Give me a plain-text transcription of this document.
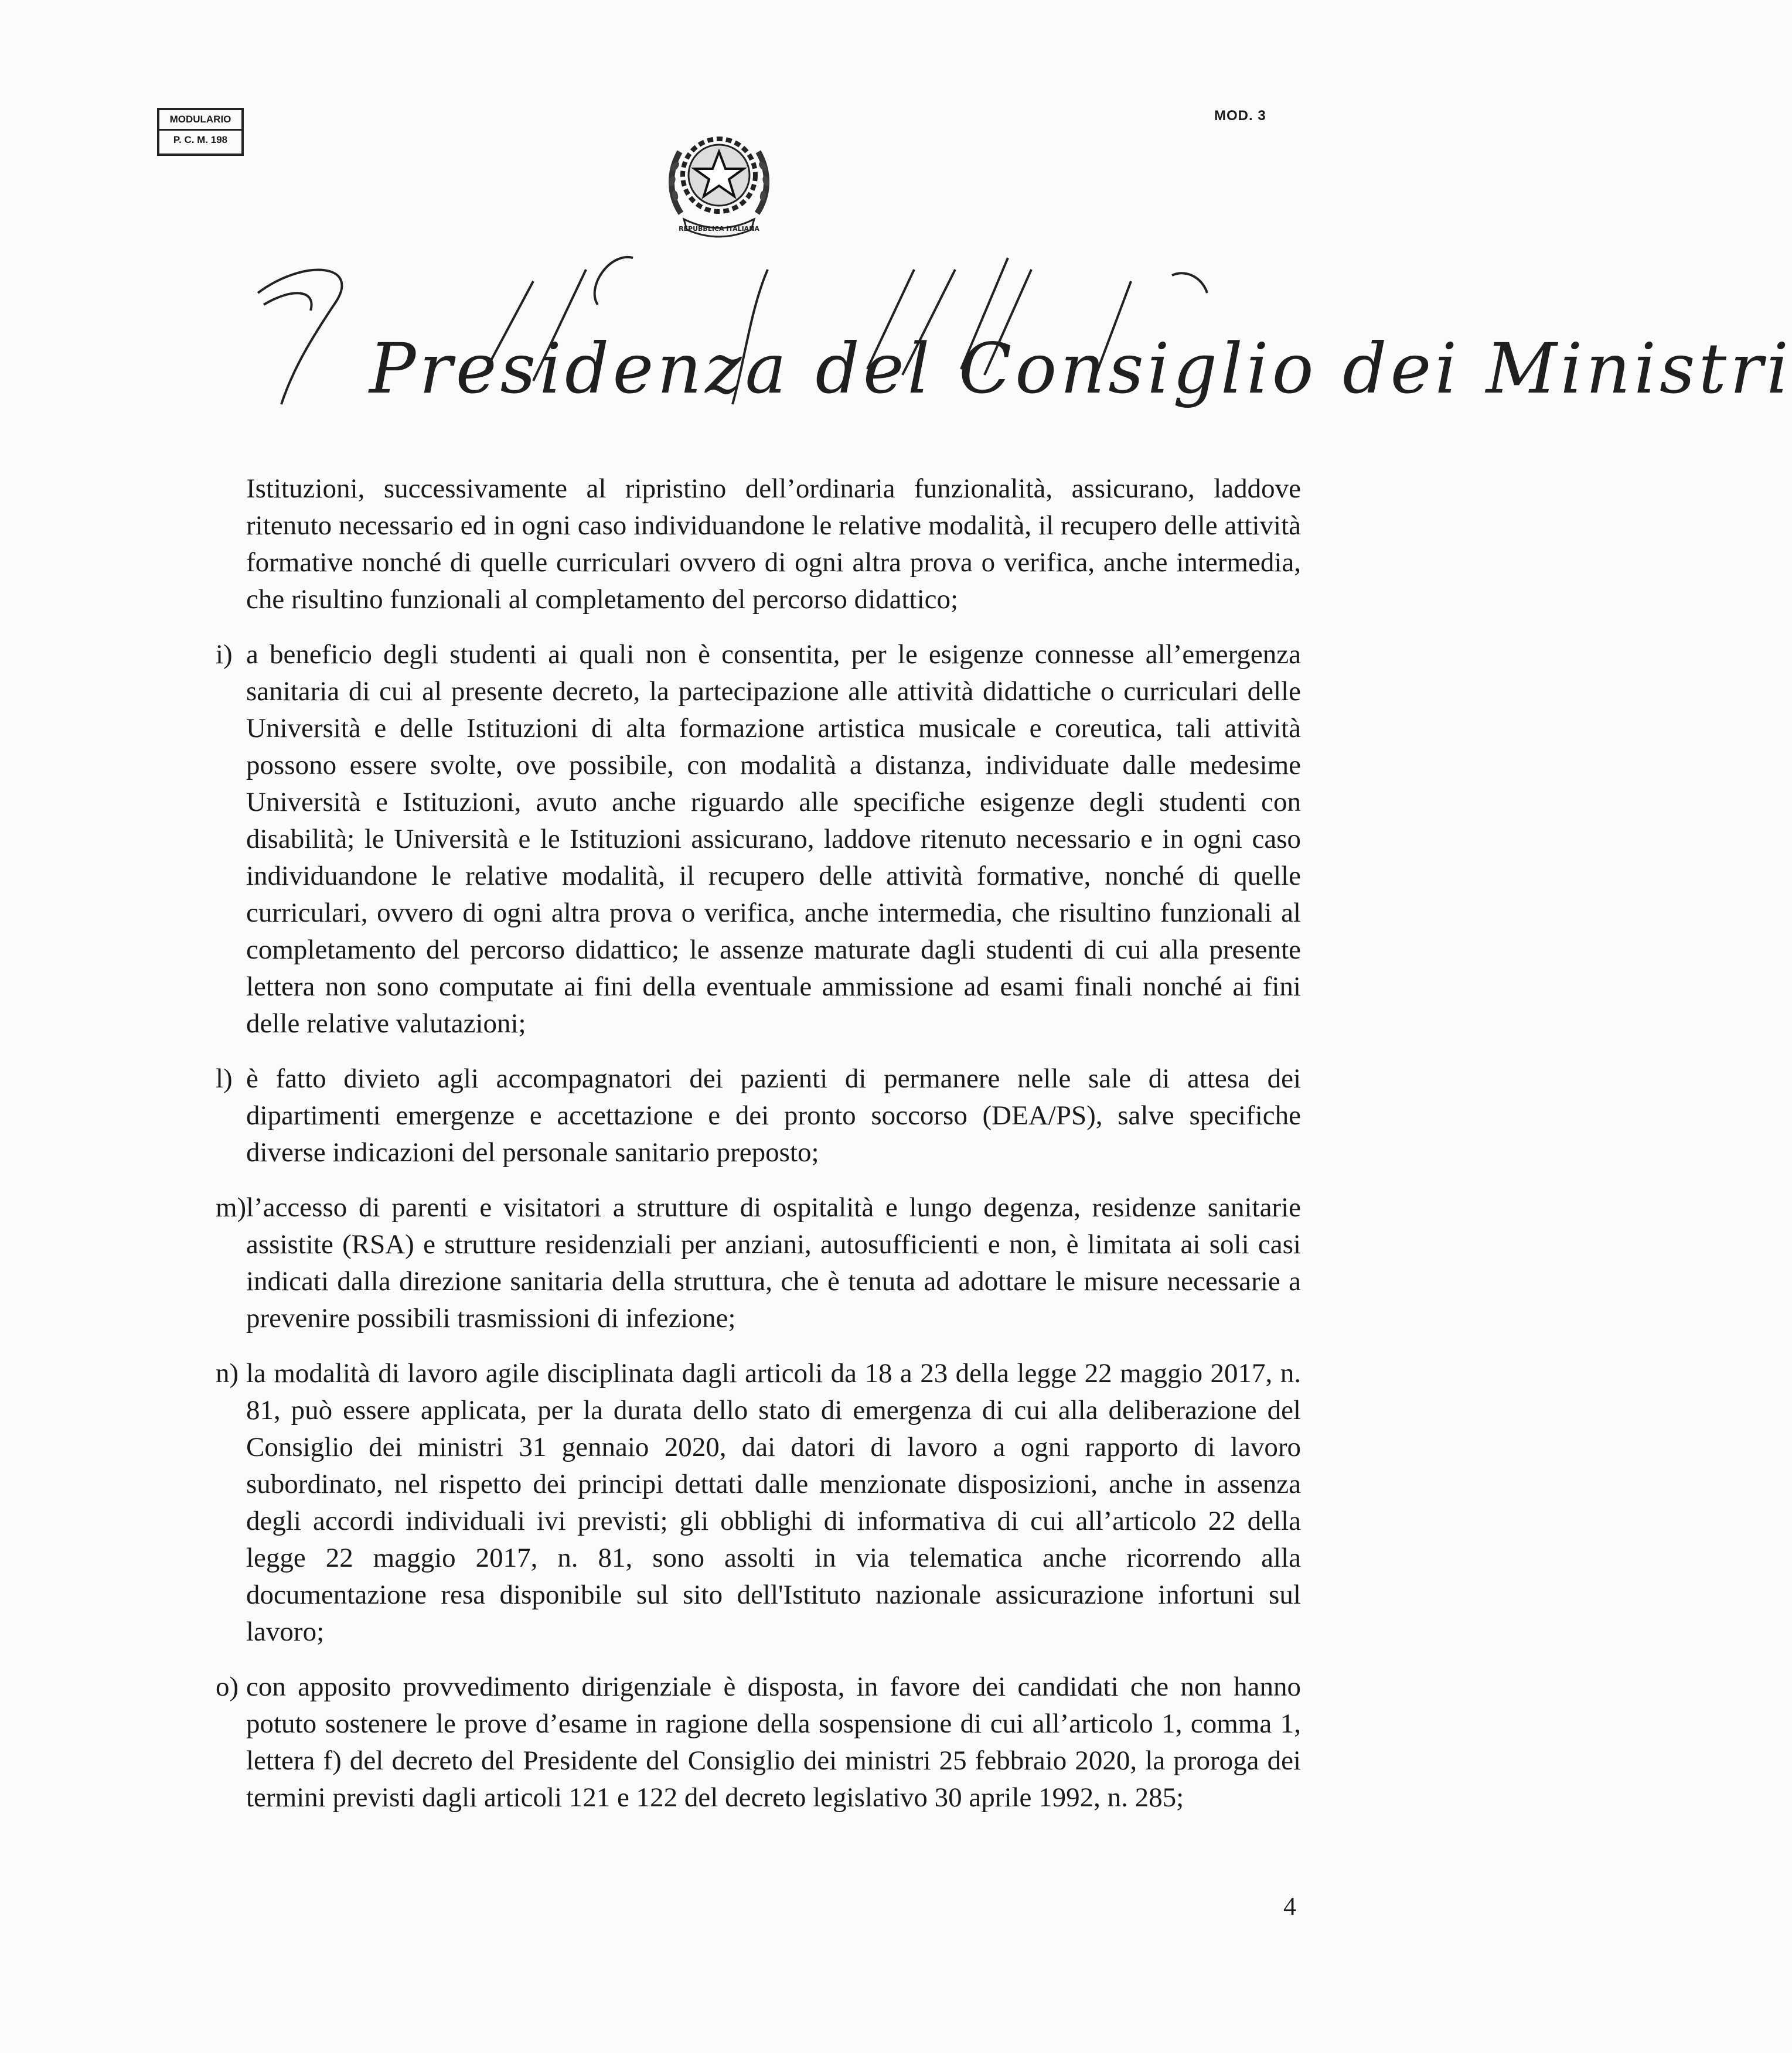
MODULARIO
P. C. M. 198
MOD. 3
REPUBBLICA ITALIANA
Presidenza del Consiglio dei Ministri

Istituzioni, successivamente al ripristino dell’ordinaria funzionalità, assicurano, laddove ritenuto necessario ed in ogni caso individuandone le relative modalità, il recupero delle attività formative nonché di quelle curriculari ovvero di ogni altra prova o verifica, anche intermedia, che risultino funzionali al completamento del percorso didattico;

i) a beneficio degli studenti ai quali non è consentita, per le esigenze connesse all’emergenza sanitaria di cui al presente decreto, la partecipazione alle attività didattiche o curriculari delle Università e delle Istituzioni di alta formazione artistica musicale e coreutica, tali attività possono essere svolte, ove possibile, con modalità a distanza, individuate dalle medesime Università e Istituzioni, avuto anche riguardo alle specifiche esigenze degli studenti con disabilità; le Università e le Istituzioni assicurano, laddove ritenuto necessario e in ogni caso individuandone le relative modalità, il recupero delle attività formative, nonché di quelle curriculari, ovvero di ogni altra prova o verifica, anche intermedia, che risultino funzionali al completamento del percorso didattico; le assenze maturate dagli studenti di cui alla presente lettera non sono computate ai fini della eventuale ammissione ad esami finali nonché ai fini delle relative valutazioni;
l) è fatto divieto agli accompagnatori dei pazienti di permanere nelle sale di attesa dei dipartimenti emergenze e accettazione e dei pronto soccorso (DEA/PS), salve specifiche diverse indicazioni del personale sanitario preposto;
m) l’accesso di parenti e visitatori a strutture di ospitalità e lungo degenza, residenze sanitarie assistite (RSA) e strutture residenziali per anziani, autosufficienti e non, è limitata ai soli casi indicati dalla direzione sanitaria della struttura, che è tenuta ad adottare le misure necessarie a prevenire possibili trasmissioni di infezione;
n) la modalità di lavoro agile disciplinata dagli articoli da 18 a 23 della legge 22 maggio 2017, n. 81, può essere applicata, per la durata dello stato di emergenza di cui alla deliberazione del Consiglio dei ministri 31 gennaio 2020, dai datori di lavoro a ogni rapporto di lavoro subordinato, nel rispetto dei principi dettati dalle menzionate disposizioni, anche in assenza degli accordi individuali ivi previsti; gli obblighi di informativa di cui all’articolo 22 della legge 22 maggio 2017, n. 81, sono assolti in via telematica anche ricorrendo alla documentazione resa disponibile sul sito dell'Istituto nazionale assicurazione infortuni sul lavoro;
o) con apposito provvedimento dirigenziale è disposta, in favore dei candidati che non hanno potuto sostenere le prove d’esame in ragione della sospensione di cui all’articolo 1, comma 1, lettera f) del decreto del Presidente del Consiglio dei ministri 25 febbraio 2020, la proroga dei termini previsti dagli articoli 121 e 122 del decreto legislativo 30 aprile 1992, n. 285;
4
